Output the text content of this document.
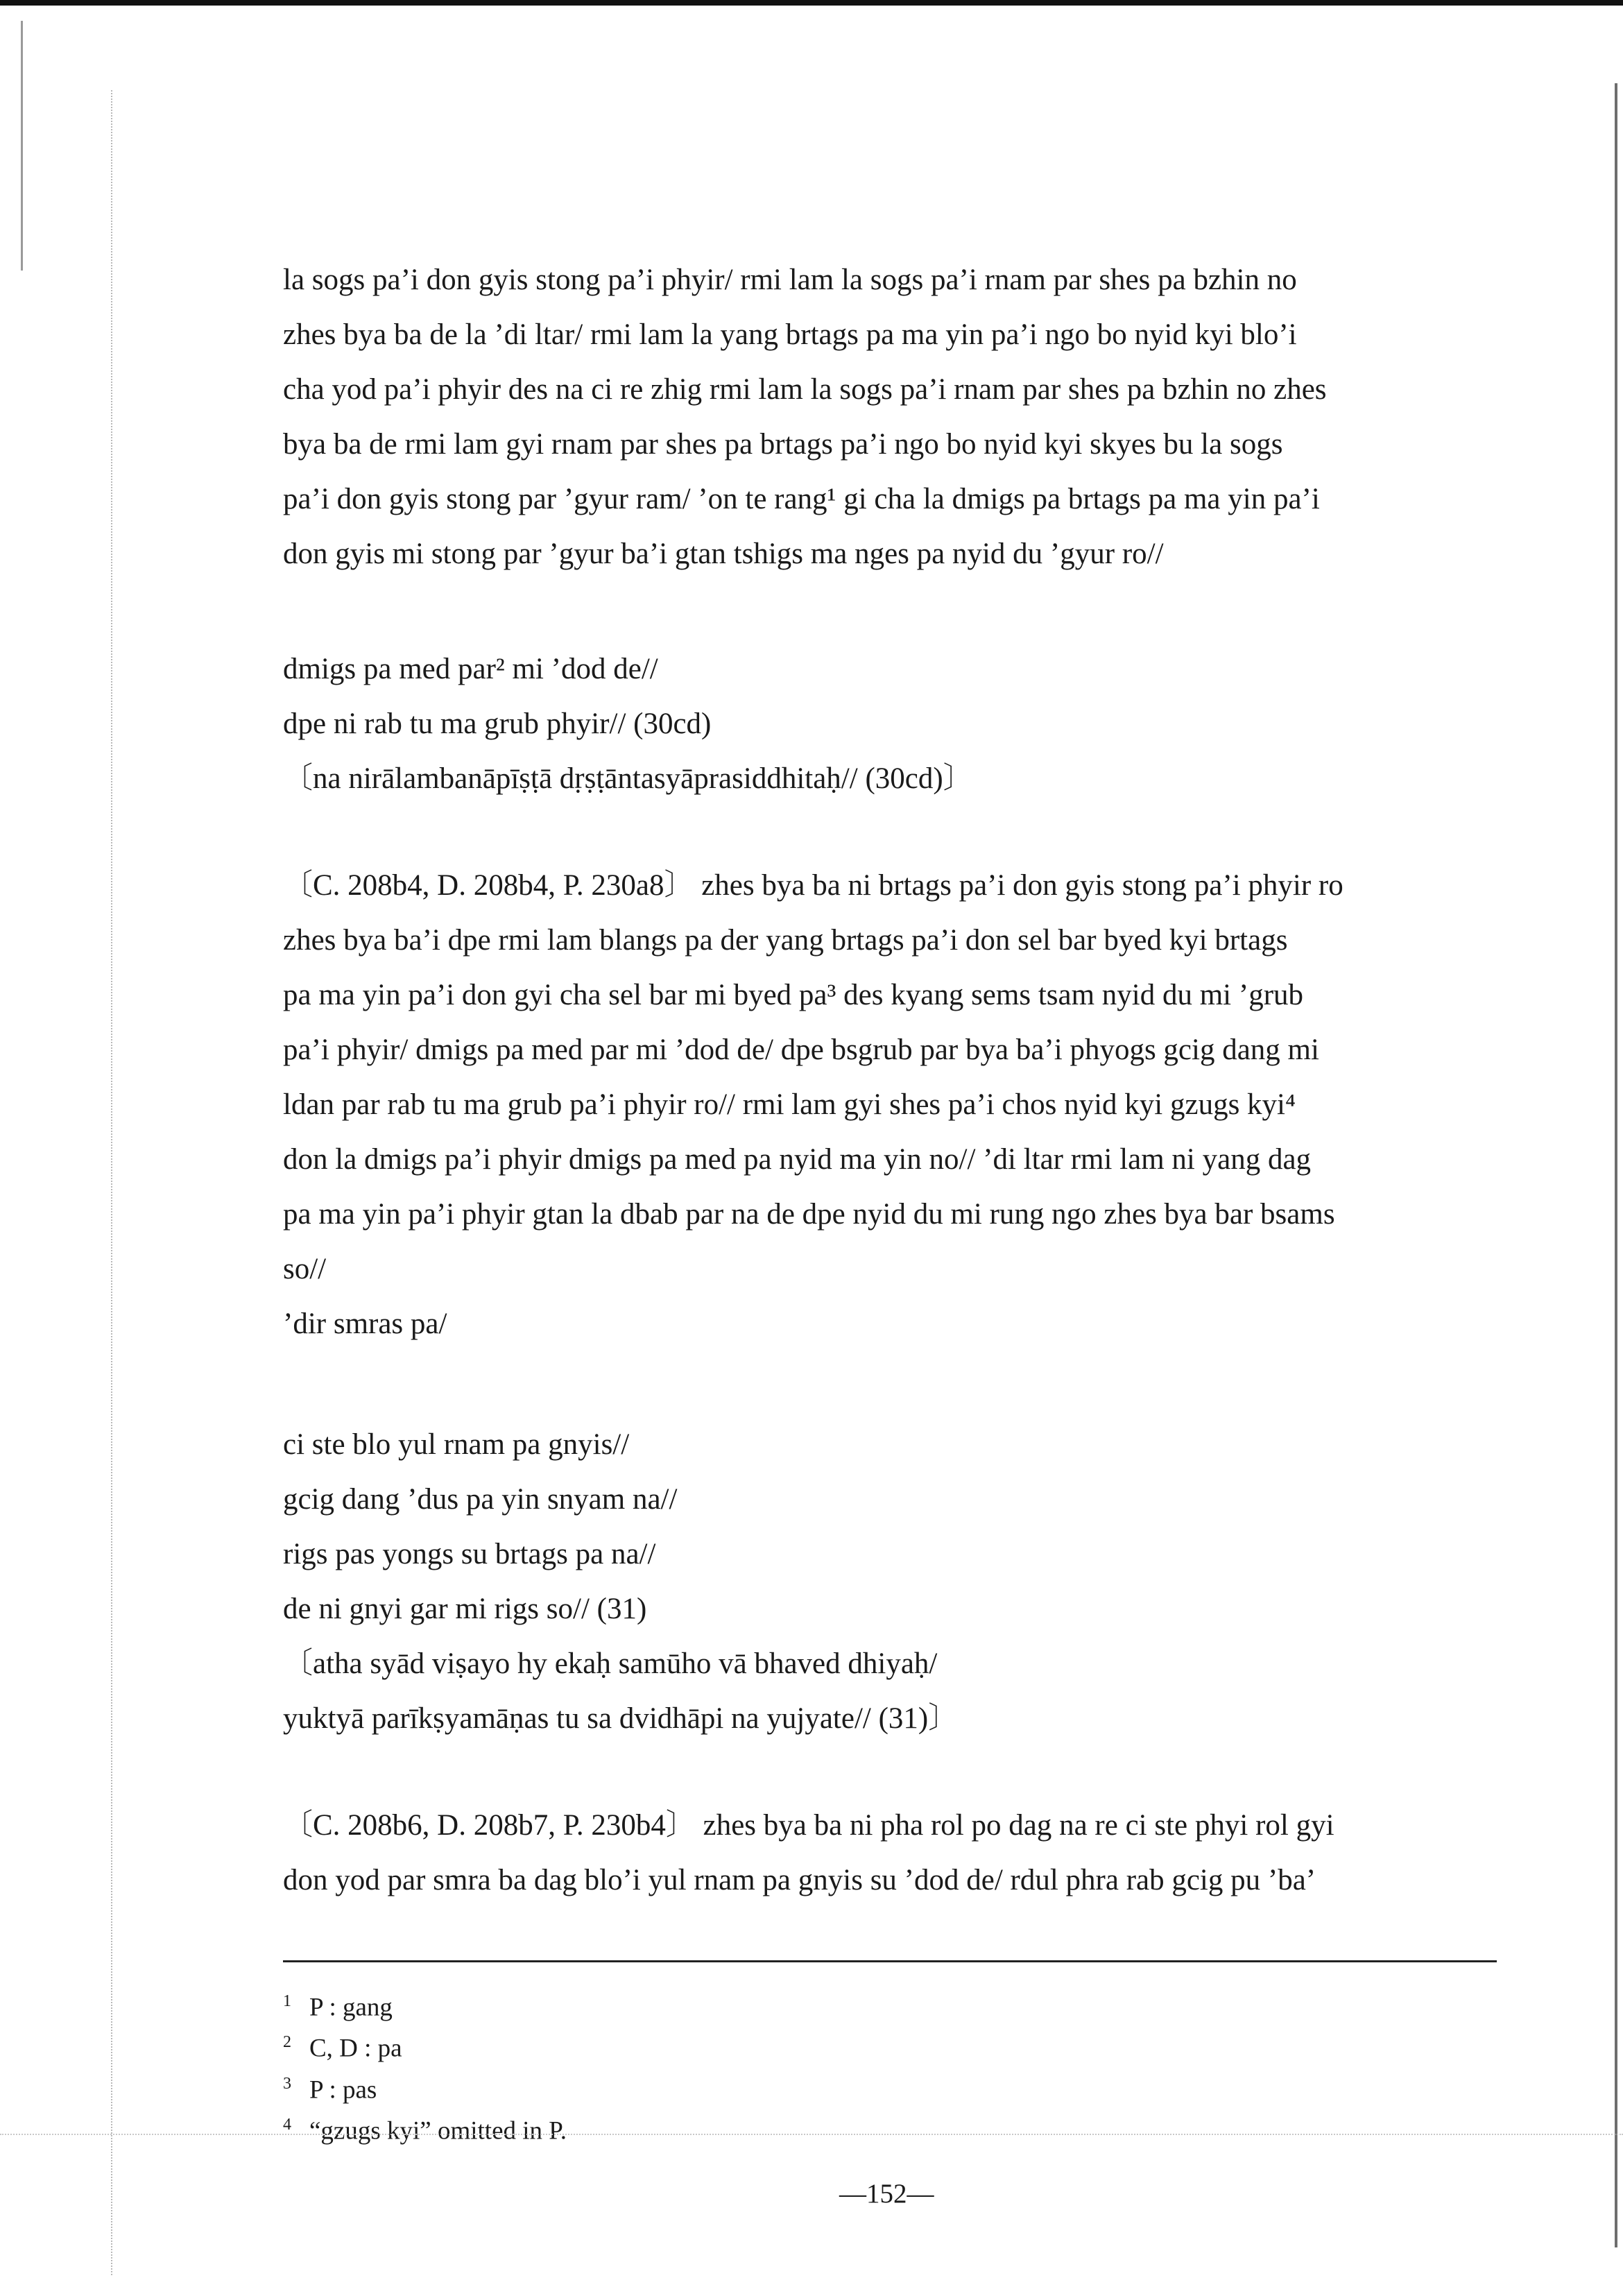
la sogs pa’i don gyis stong pa’i phyir/ rmi lam la sogs pa’i rnam par shes pa bzhin no

zhes bya ba de la ’di ltar/ rmi lam la yang brtags pa ma yin pa’i ngo bo nyid kyi blo’i

cha yod pa’i phyir des na ci re zhig rmi lam la sogs pa’i rnam par shes pa bzhin no zhes

bya ba de rmi lam gyi rnam par shes pa brtags pa’i ngo bo nyid kyi skyes bu la sogs

pa’i don gyis stong par ’gyur ram/ ’on te rang¹ gi cha la dmigs pa brtags pa ma yin pa’i

don gyis mi stong par ’gyur ba’i gtan tshigs ma nges pa nyid du ’gyur ro//

dmigs pa med par² mi ’dod de//

dpe ni rab tu ma grub phyir// (30cd)

〔na nirālambanāpīṣṭā dṛṣṭāntasyāprasiddhitaḥ// (30cd)〕

〔C. 208b4, D. 208b4, P. 230a8〕 zhes bya ba ni brtags pa’i don gyis stong pa’i phyir ro

zhes bya ba’i dpe rmi lam blangs pa der yang brtags pa’i don sel bar byed kyi brtags

pa ma yin pa’i don gyi cha sel bar mi byed pa³ des kyang sems tsam nyid du mi ’grub

pa’i phyir/ dmigs pa med par mi ’dod de/ dpe bsgrub par bya ba’i phyogs gcig dang mi

ldan par rab tu ma grub pa’i phyir ro// rmi lam gyi shes pa’i chos nyid kyi gzugs kyi⁴

don la dmigs pa’i phyir dmigs pa med pa nyid ma yin no// ’di ltar rmi lam ni yang dag

pa ma yin pa’i phyir gtan la dbab par na de dpe nyid du mi rung ngo zhes bya bar bsams

so//

’dir smras pa/

ci ste blo yul rnam pa gnyis//

gcig dang ’dus pa yin snyam na//

rigs pas yongs su brtags pa na//

de ni gnyi gar mi rigs so// (31)

〔atha syād viṣayo hy ekaḥ samūho vā bhaved dhiyaḥ/

yuktyā parīkṣyamāṇas tu sa dvidhāpi na yujyate// (31)〕

〔C. 208b6, D. 208b7, P. 230b4〕 zhes bya ba ni pha rol po dag na re ci ste phyi rol gyi

don yod par smra ba dag blo’i yul rnam pa gnyis su ’dod de/ rdul phra rab gcig pu ’ba’

1 P : gang

2 C, D : pa

3 P : pas

4 “gzugs kyi” omitted in P.

—152—
